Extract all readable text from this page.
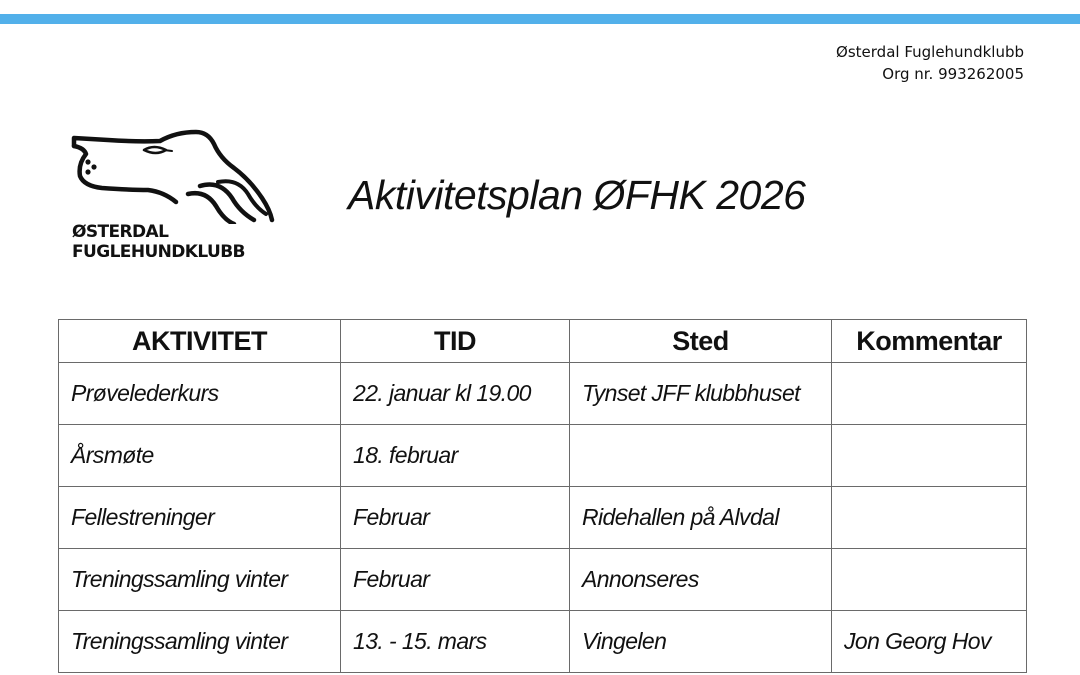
Østerdal Fuglehundklubb
Org nr. 993262005
ØSTERDAL
FUGLEHUNDKLUBB
Aktivitetsplan ØFHK 2026
AKTIVITET	TID	Sted	Kommentar
Prøvelederkurs	22. januar kl 19.00	Tynset JFF klubbhuset	
Årsmøte	18. februar		
Fellestreninger	Februar	Ridehallen på Alvdal	
Treningssamling vinter	Februar	Annonseres	
Treningssamling vinter	13. - 15. mars	Vingelen	Jon Georg Hov
